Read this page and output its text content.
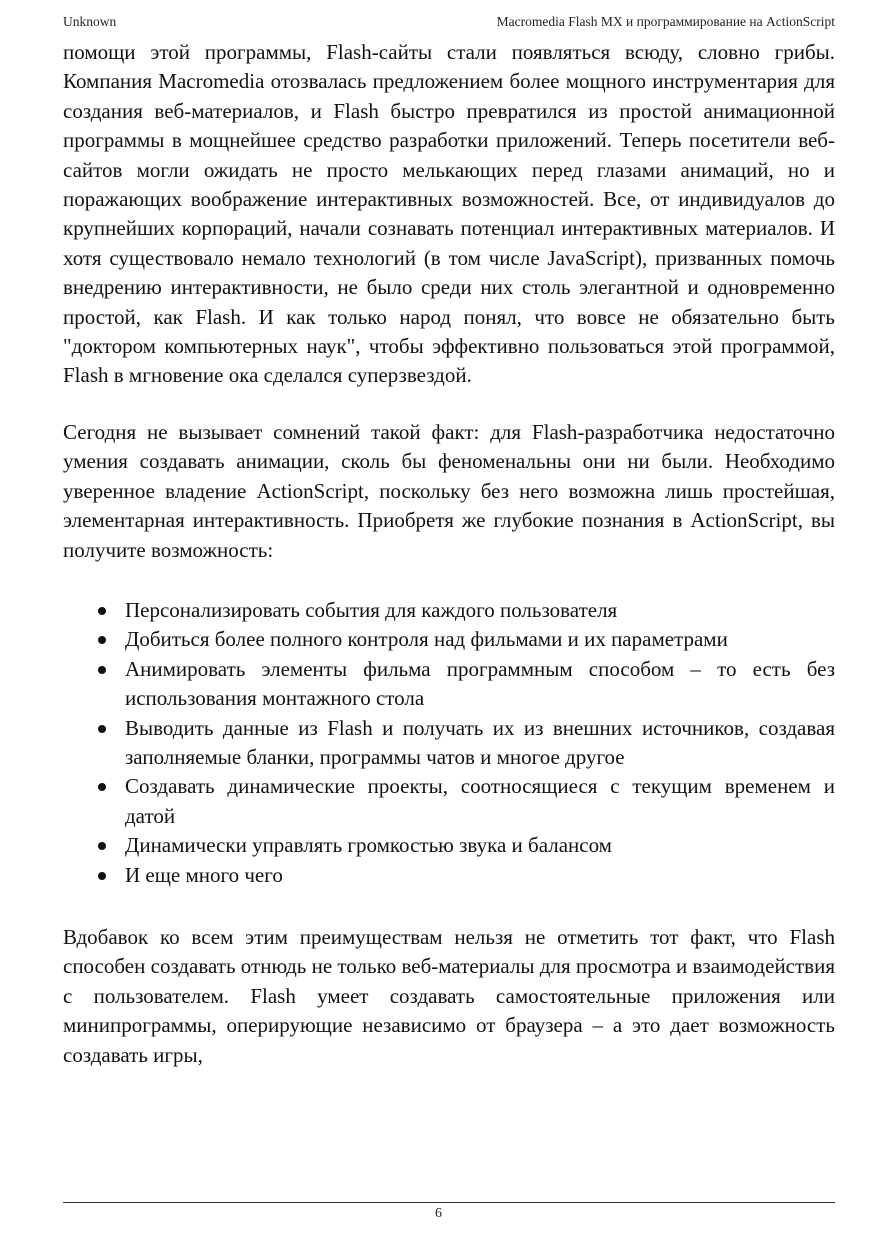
Unknown	Macromedia Flash MX и программирование на ActionScript

помощи этой программы, Flash-сайты стали появляться всюду, словно грибы. Компания Macromedia отозвалась предложением более мощного инструментария для создания веб-материалов, и Flash быстро превратился из простой анимационной программы в мощнейшее средство разработки приложений. Теперь посетители веб-сайтов могли ожидать не просто мелькающих перед глазами анимаций, но и поражающих воображение интерактивных возможностей. Все, от индивидуалов до крупнейших корпораций, начали сознавать потенциал интерактивных материалов. И хотя существовало немало технологий (в том числе JavaScript), призванных помочь внедрению интерактивности, не было среди них столь элегантной и одновременно простой, как Flash. И как только народ понял, что вовсе не обязательно быть "доктором компьютерных наук", чтобы эффективно пользоваться этой программой, Flash в мгновение ока сделался суперзвездой.

Сегодня не вызывает сомнений такой факт: для Flash-разработчика недостаточно умения создавать анимации, сколь бы феноменальны они ни были. Необходимо уверенное владение ActionScript, поскольку без него возможна лишь простейшая, элементарная интерактивность. Приобретя же глубокие познания в ActionScript, вы получите возможность:

Персонализировать события для каждого пользователя
Добиться более полного контроля над фильмами и их параметрами
Анимировать элементы фильма программным способом – то есть без использования монтажного стола
Выводить данные из Flash и получать их из внешних источников, создавая заполняемые бланки, программы чатов и многое другое
Создавать динамические проекты, соотносящиеся с текущим временем и датой
Динамически управлять громкостью звука и балансом
И еще много чего

Вдобавок ко всем этим преимуществам нельзя не отметить тот факт, что Flash способен создавать отнюдь не только веб-материалы для просмотра и взаимодействия с пользователем. Flash умеет создавать самостоятельные приложения или минипрограммы, оперирующие независимо от браузера – а это дает возможность создавать игры,

6
